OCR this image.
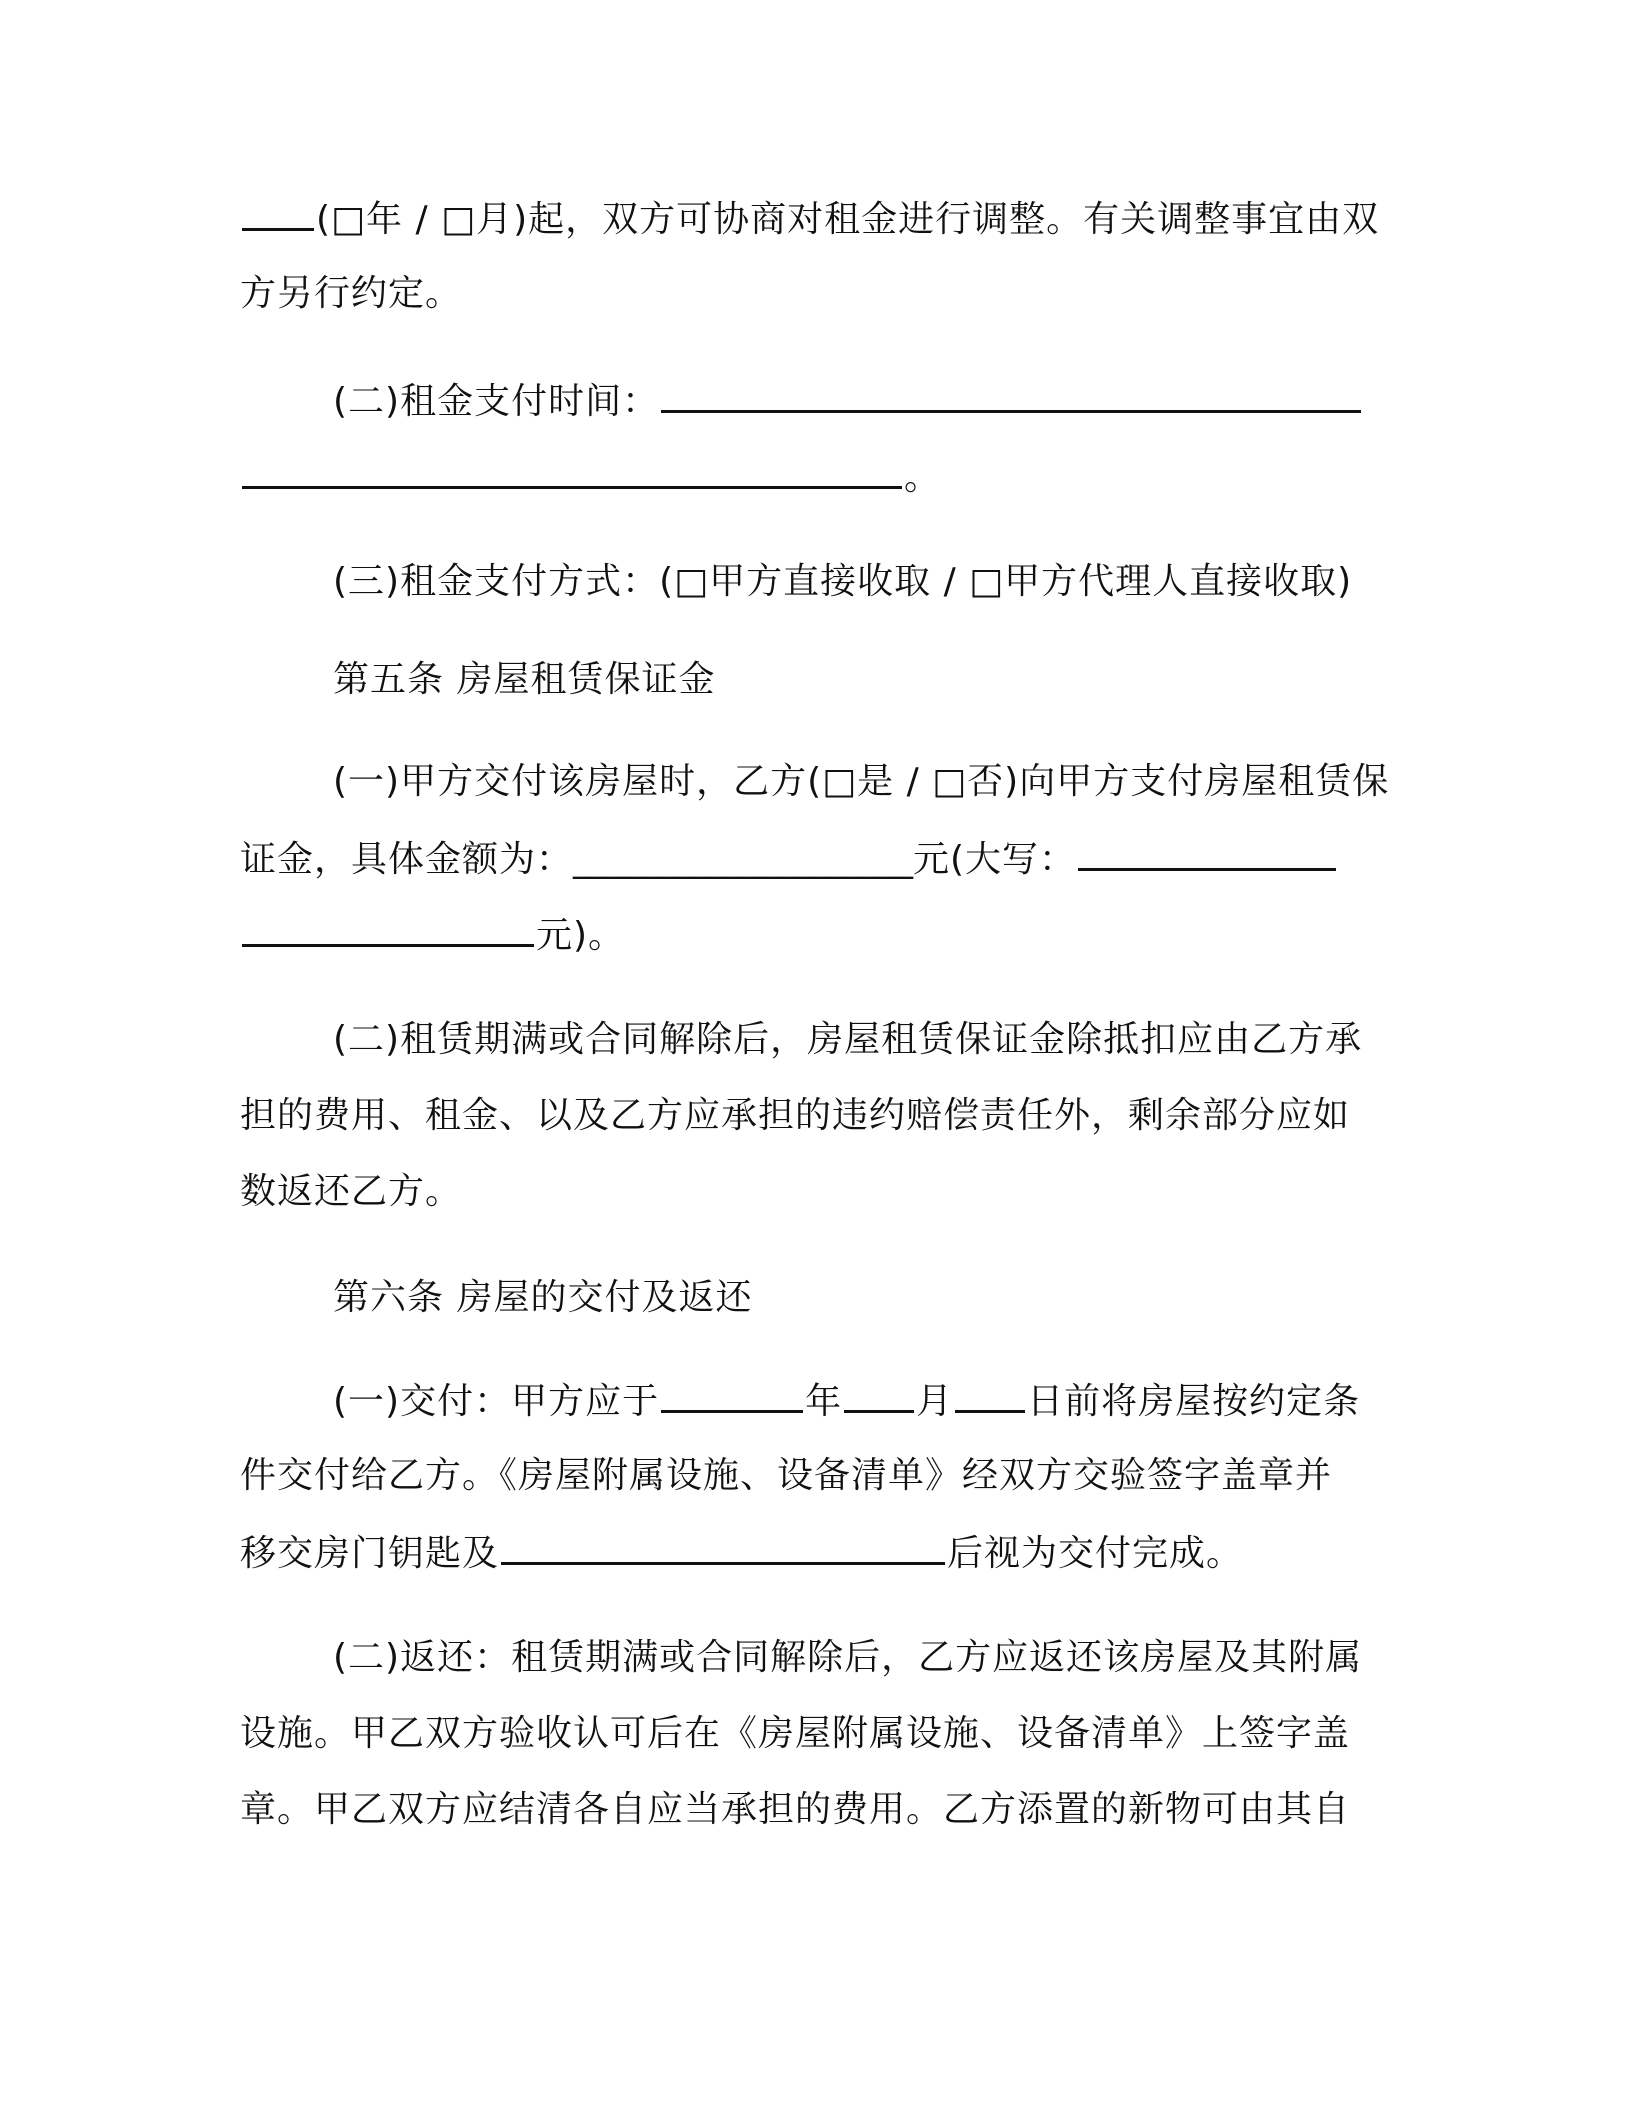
(□年 / □月)起，双方可协商对租金进行调整。有关调整事宜由双
方另行约定。
(二)租金支付时间：
。
(三)租金支付方式：(□甲方直接收取 / □甲方代理人直接收取)
第五条 房屋租赁保证金
(一)甲方交付该房屋时，乙方(□是 / □否)向甲方支付房屋租赁保
证金，具体金额为：____________________元(大写：
元)。
(二)租赁期满或合同解除后，房屋租赁保证金除抵扣应由乙方承
担的费用、租金、以及乙方应承担的违约赔偿责任外，剩余部分应如
数返还乙方。
第六条 房屋的交付及返还
(一)交付：甲方应于	年 月 日前将房屋按约定条
件交付给乙方。《房屋附属设施、设备清单》经双方交验签字盖章并
移交房门钥匙及	后视为交付完成。
(二)返还：租赁期满或合同解除后，乙方应返还该房屋及其附属
设施。甲乙双方验收认可后在《房屋附属设施、设备清单》上签字盖
章。甲乙双方应结清各自应当承担的费用。乙方添置的新物可由其自
